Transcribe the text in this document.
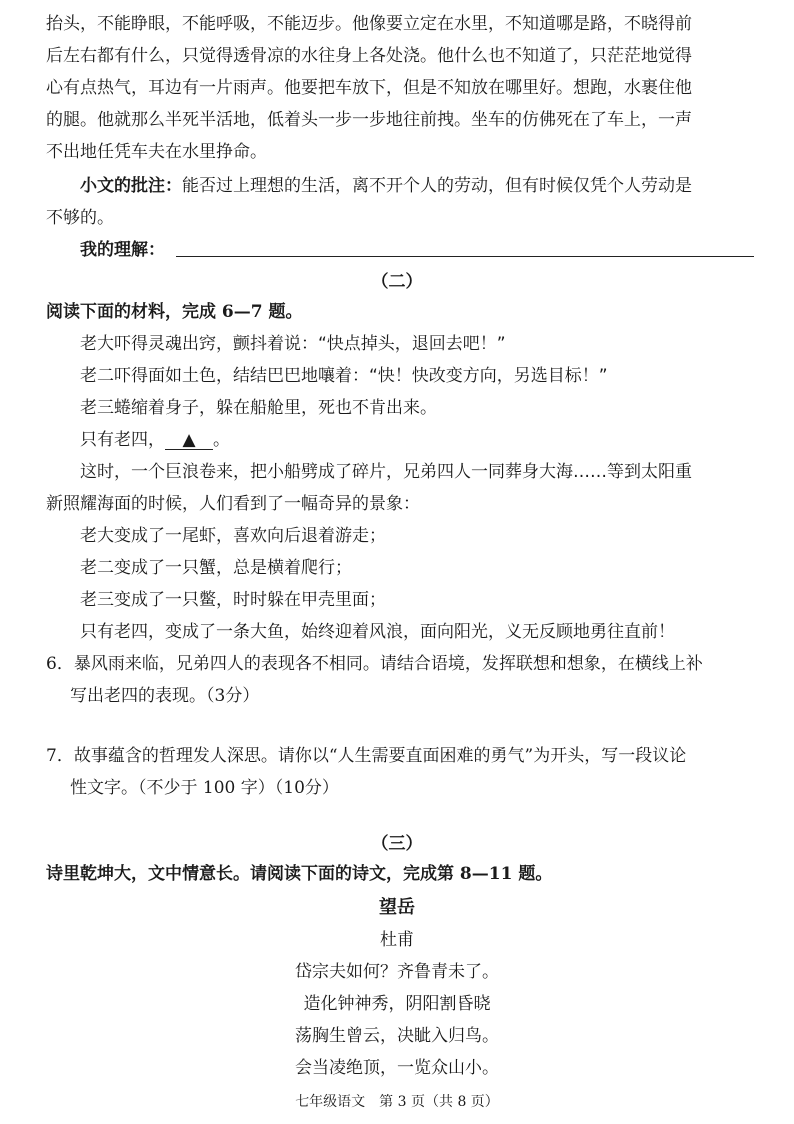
抬头，不能睁眼，不能呼吸，不能迈步。他像要立定在水里，不知道哪是路，不晓得前
后左右都有什么，只觉得透骨凉的水往身上各处浇。他什么也不知道了，只茫茫地觉得
心有点热气，耳边有一片雨声。他要把车放下，但是不知放在哪里好。想跑，水裹住他
的腿。他就那么半死半活地，低着头一步一步地往前拽。坐车的仿佛死在了车上，一声
不出地任凭车夫在水里挣命。
小文的批注：能否过上理想的生活，离不开个人的劳动，但有时候仅凭个人劳动是
不够的。
我的理解：
（二）
阅读下面的材料，完成 6—7 题。
老大吓得灵魂出窍，颤抖着说：“快点掉头，退回去吧！”
老二吓得面如土色，结结巴巴地嚷着：“快！快改变方向，另选目标！”
老三蜷缩着身子，躲在船舱里，死也不肯出来。
只有老四， ▲ 。
这时，一个巨浪卷来，把小船劈成了碎片，兄弟四人一同葬身大海……等到太阳重
新照耀海面的时候，人们看到了一幅奇异的景象：
老大变成了一尾虾，喜欢向后退着游走；
老二变成了一只蟹，总是横着爬行；
老三变成了一只鳖，时时躲在甲壳里面；
只有老四，变成了一条大鱼，始终迎着风浪，面向阳光，义无反顾地勇往直前！
6．暴风雨来临，兄弟四人的表现各不相同。请结合语境，发挥联想和想象，在横线上补
写出老四的表现。（3分）
7．故事蕴含的哲理发人深思。请你以“人生需要直面困难的勇气”为开头，写一段议论
性文字。（不少于 100 字）（10分）
（三）
诗里乾坤大，文中情意长。请阅读下面的诗文，完成第 8—11 题。
望岳
杜甫
岱宗夫如何？齐鲁青未了。
造化钟神秀，阴阳割昏晓
荡胸生曾云，决眦入归鸟。
会当凌绝顶，一览众山小。
七年级语文　第 3 页（共 8 页）
